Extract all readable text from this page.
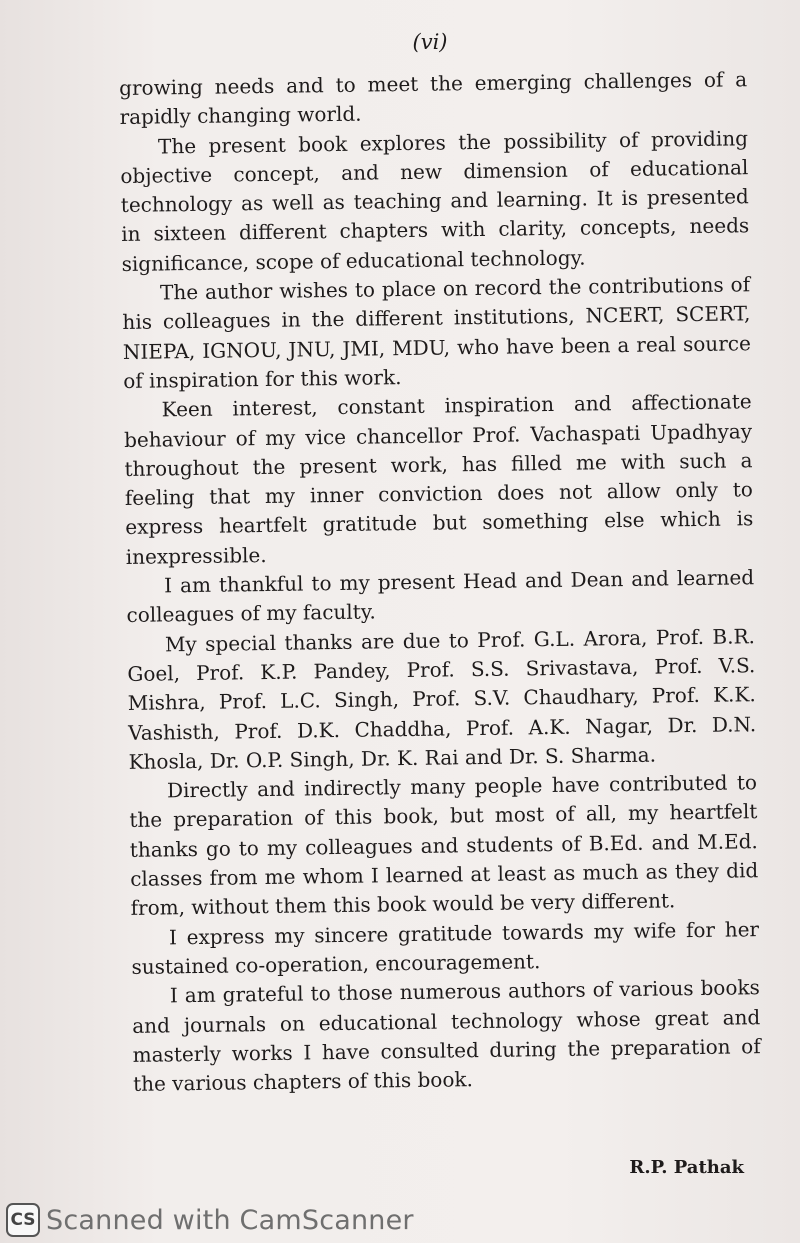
(vi)

growing needs and to meet the emerging challenges of a rapidly changing world.

The present book explores the possibility of providing objective concept, and new dimension of educational technology as well as teaching and learning. It is presented in sixteen different chapters with clarity, concepts, needs significance, scope of educational technology.

The author wishes to place on record the contributions of his colleagues in the different institutions, NCERT, SCERT, NIEPA, IGNOU, JNU, JMI, MDU, who have been a real source of inspiration for this work.

Keen interest, constant inspiration and affectionate behaviour of my vice chancellor Prof. Vachaspati Upadhyay throughout the present work, has filled me with such a feeling that my inner conviction does not allow only to express heartfelt gratitude but something else which is inexpressible.

I am thankful to my present Head and Dean and learned colleagues of my faculty.

My special thanks are due to Prof. G.L. Arora, Prof. B.R. Goel, Prof. K.P. Pandey, Prof. S.S. Srivastava, Prof. V.S. Mishra, Prof. L.C. Singh, Prof. S.V. Chaudhary, Prof. K.K. Vashisth, Prof. D.K. Chaddha, Prof. A.K. Nagar, Dr. D.N. Khosla, Dr. O.P. Singh, Dr. K. Rai and Dr. S. Sharma.

Directly and indirectly many people have contributed to the preparation of this book, but most of all, my heartfelt thanks go to my colleagues and students of B.Ed. and M.Ed. classes from me whom I learned at least as much as they did from, without them this book would be very different.

I express my sincere gratitude towards my wife for her sustained co-operation, encouragement.

I am grateful to those numerous authors of various books and journals on educational technology whose great and masterly works I have consulted during the preparation of the various chapters of this book.

R.P. Pathak
CS Scanned with CamScanner
